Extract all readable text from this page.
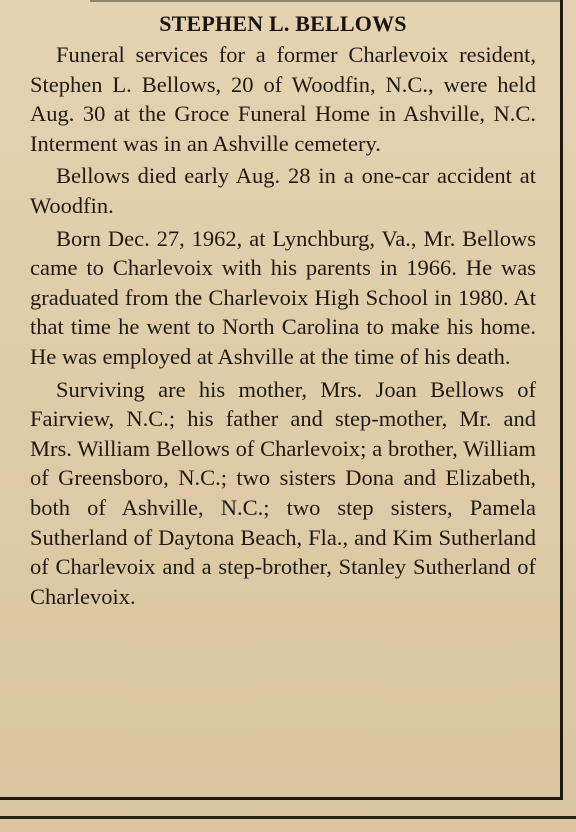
STEPHEN L. BELLOWS

Funeral services for a former Charlevoix resident, Stephen L. Bellows, 20 of Woodfin, N.C., were held Aug. 30 at the Groce Funeral Home in Ashville, N.C. Interment was in an Ashville cemetery.

Bellows died early Aug. 28 in a one-car accident at Woodfin.

Born Dec. 27, 1962, at Lynchburg, Va., Mr. Bellows came to Charlevoix with his parents in 1966. He was graduated from the Charlevoix High School in 1980. At that time he went to North Carolina to make his home. He was employed at Ashville at the time of his death.

Surviving are his mother, Mrs. Joan Bellows of Fairview, N.C.; his father and step-mother, Mr. and Mrs. William Bellows of Charlevoix; a brother, William of Greensboro, N.C.; two sisters Dona and Elizabeth, both of Ashville, N.C.; two step sisters, Pamela Sutherland of Daytona Beach, Fla., and Kim Sutherland of Charlevoix and a step-brother, Stanley Sutherland of Charlevoix.
